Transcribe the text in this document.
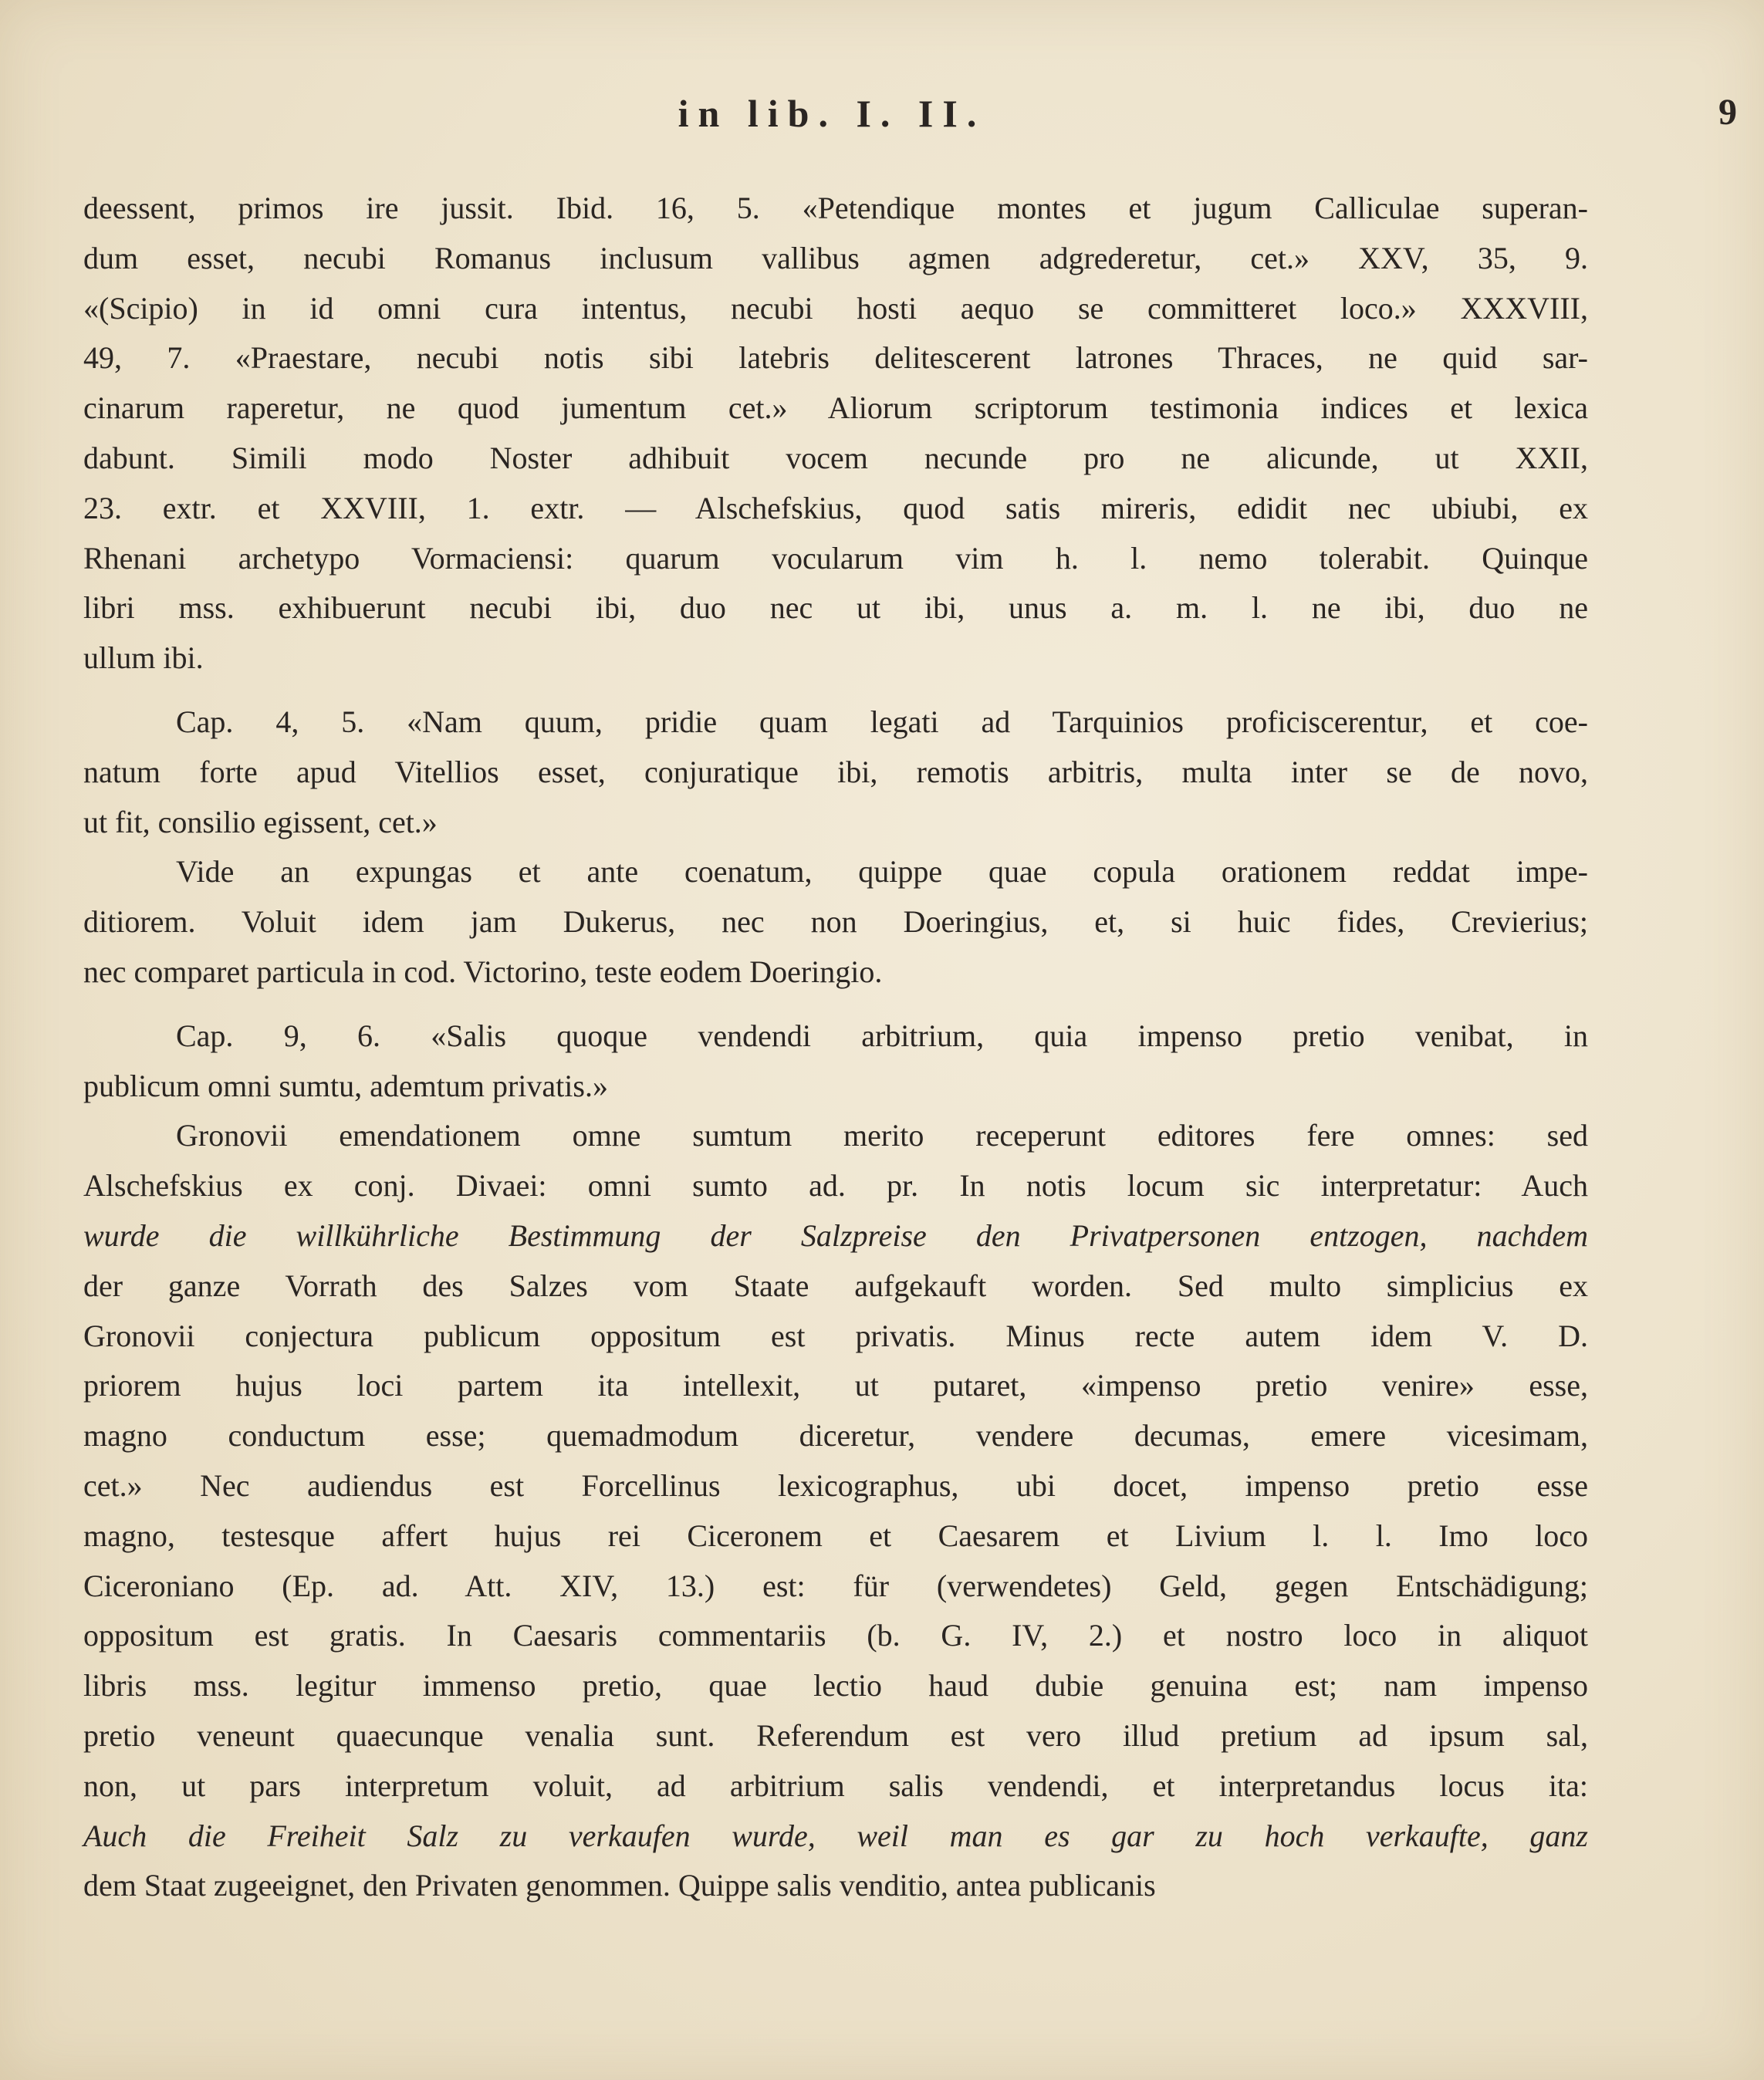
in lib. I. II.	9
deessent, primos ire jussit. Ibid. 16, 5. «Petendique montes et jugum Calliculae superan-
dum esset, necubi Romanus inclusum vallibus agmen adgrederetur, cet.» XXV, 35, 9.
«(Scipio) in id omni cura intentus, necubi hosti aequo se committeret loco.» XXXVIII,
49, 7. «Praestare, necubi notis sibi latebris delitescerent latrones Thraces, ne quid sar-
cinarum raperetur, ne quod jumentum cet.» Aliorum scriptorum testimonia indices et lexica
dabunt. Simili modo Noster adhibuit vocem necunde pro ne alicunde, ut XXII,
23. extr. et XXVIII, 1. extr. — Alschefskius, quod satis mireris, edidit nec ubiubi, ex
Rhenani archetypo Vormaciensi: quarum vocularum vim h. l. nemo tolerabit. Quinque
libri mss. exhibuerunt necubi ibi, duo nec ut ibi, unus a. m. l. ne ibi, duo ne
ullum ibi.
Cap. 4, 5. «Nam quum, pridie quam legati ad Tarquinios proficiscerentur, et coe-
natum forte apud Vitellios esset, conjuratique ibi, remotis arbitris, multa inter se de novo,
ut fit, consilio egissent, cet.»
Vide an expungas et ante coenatum, quippe quae copula orationem reddat impe-
ditiorem. Voluit idem jam Dukerus, nec non Doeringius, et, si huic fides, Crevierius;
nec comparet particula in cod. Victorino, teste eodem Doeringio.
Cap. 9, 6. «Salis quoque vendendi arbitrium, quia impenso pretio venibat, in
publicum omni sumtu, ademtum privatis.»
Gronovii emendationem omne sumtum merito receperunt editores fere omnes: sed
Alschefskius ex conj. Divaei: omni sumto ad. pr. In notis locum sic interpretatur: Auch
wurde die willkührliche Bestimmung der Salzpreise den Privatpersonen entzogen, nachdem
der ganze Vorrath des Salzes vom Staate aufgekauft worden. Sed multo simplicius ex
Gronovii conjectura publicum oppositum est privatis. Minus recte autem idem V. D.
priorem hujus loci partem ita intellexit, ut putaret, «impenso pretio venire» esse,
magno conductum esse; quemadmodum diceretur, vendere decumas, emere vicesimam,
cet.» Nec audiendus est Forcellinus lexicographus, ubi docet, impenso pretio esse
magno, testesque affert hujus rei Ciceronem et Caesarem et Livium l. l. Imo loco
Ciceroniano (Ep. ad. Att. XIV, 13.) est: für (verwendetes) Geld, gegen Entschädigung;
oppositum est gratis. In Caesaris commentariis (b. G. IV, 2.) et nostro loco in aliquot
libris mss. legitur immenso pretio, quae lectio haud dubie genuina est; nam impenso
pretio veneunt quaecunque venalia sunt. Referendum est vero illud pretium ad ipsum sal,
non, ut pars interpretum voluit, ad arbitrium salis vendendi, et interpretandus locus ita:
Auch die Freiheit Salz zu verkaufen wurde, weil man es gar zu hoch verkaufte, ganz
dem Staat zugeeignet, den Privaten genommen. Quippe salis venditio, antea publicanis
